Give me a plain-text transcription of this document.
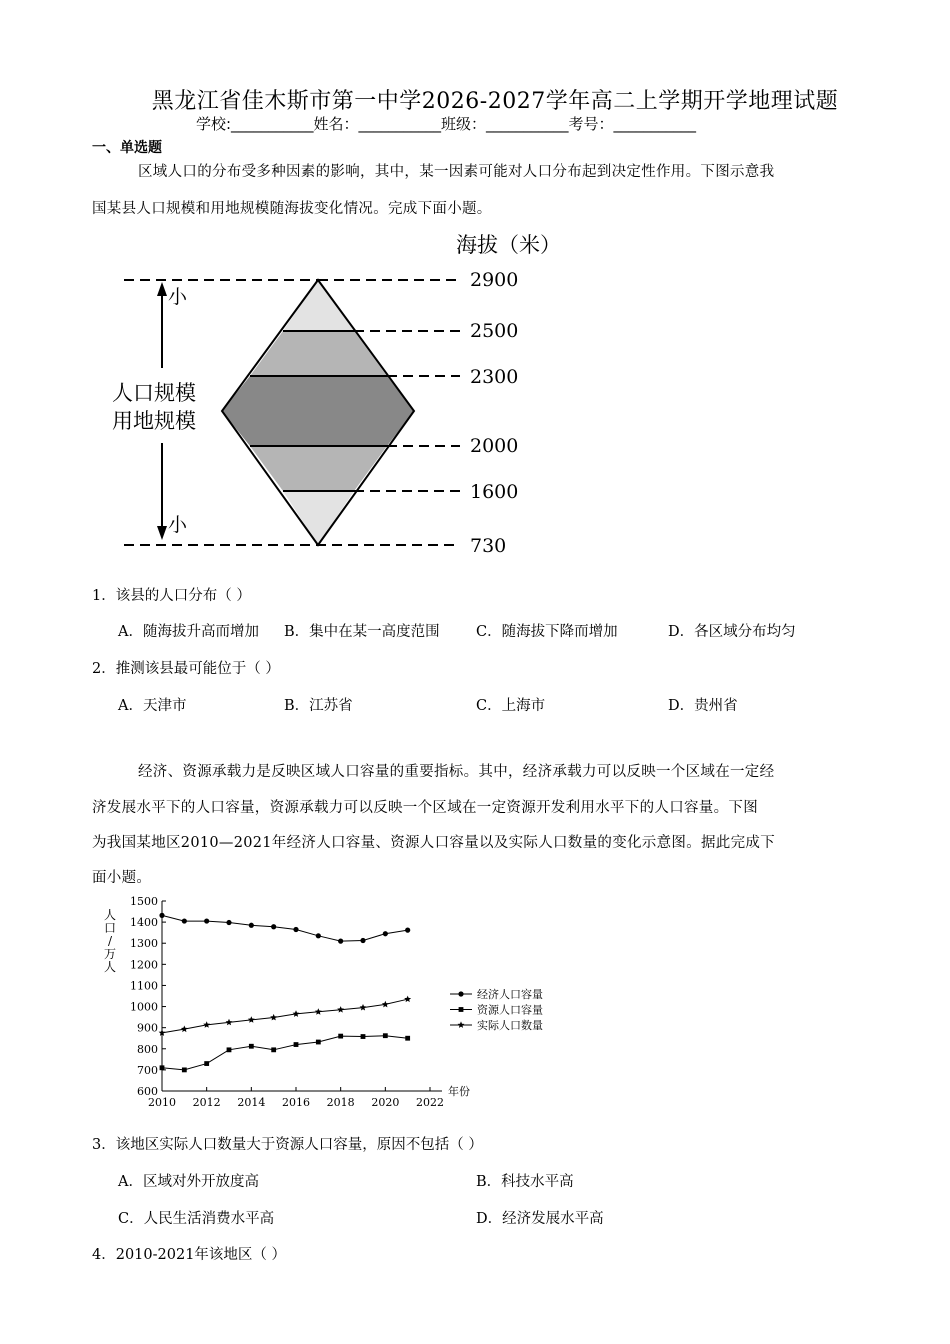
黑龙江省佳木斯市第一中学2026-2027学年高二上学期开学地理试题
学校:___________姓名：___________班级：___________考号：___________
一、单选题
区域人口的分布受多种因素的影响，其中，某一因素可能对人口分布起到决定性作用。下图示意我
国某县人口规模和用地规模随海拔变化情况。完成下面小题。
海拔（米）
小
小
人口规模
用地规模
2900
2500
2300
2000
1600
730
1．该县的人口分布（ ）
A．随海拔升高而增加 B．集中在某一高度范围	C．随海拔下降而增加	D．各区域分布均匀
2．推测该县最可能位于（ ）
A．天津市	B．江苏省	C．上海市	D．贵州省
经济、资源承载力是反映区域人口容量的重要指标。其中，经济承载力可以反映一个区域在一定经
济发展水平下的人口容量，资源承载力可以反映一个区域在一定资源开发利用水平下的人口容量。下图
为我国某地区2010—2021年经济人口容量、资源人口容量以及实际人口数量的变化示意图。据此完成下
面小题。
600
700
800
900
1000
1100
1200
1300
1400
1500
2010 2012 2014 2016 2018 2020 2022
年份
人
口
/
万
人
经济人口容量
资源人口容量
实际人口数量
3．该地区实际人口数量大于资源人口容量，原因不包括（ ）
A．区域对外开放度高	B．科技水平高
C．人民生活消费水平高	D．经济发展水平高
4．2010-2021年该地区（ ）
